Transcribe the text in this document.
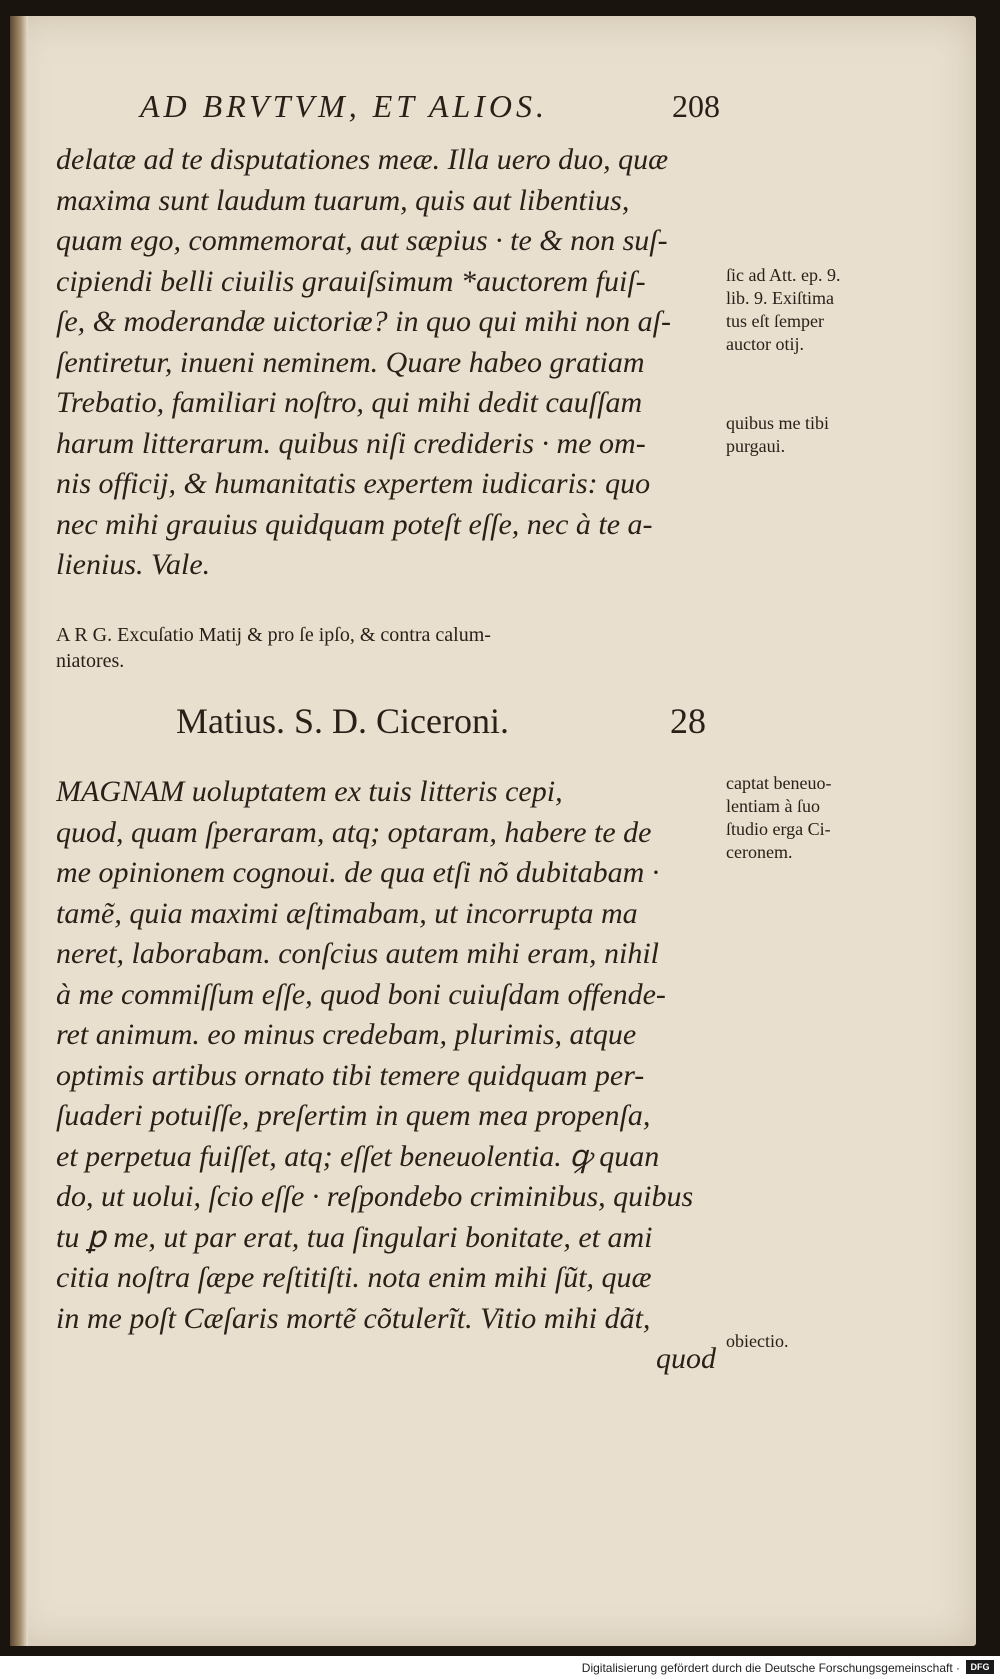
AD BRVTVM, ET ALIOS.	208
delatæ ad te disputationes meæ. Illa uero duo, quæ
maxima sunt laudum tuarum, quis aut libentius,
quam ego, commemorat, aut sæpius · te & non suſ-
cipiendi belli ciuilis grauiſsimum *auctorem fuiſ-
ſe, & moderandæ uictoriæ? in quo qui mihi non aſ-
ſentiretur, inueni neminem. Quare habeo gratiam
Trebatio, familiari noſtro, qui mihi dedit cauſſam
harum litterarum. quibus niſi credideris · me om-
nis officij, & humanitatis expertem iudicaris: quo
nec mihi grauius quidquam poteſt eſſe, nec à te a-
lienius. Vale.
A R G. Excuſatio Matij & pro ſe ipſo, & contra calum-
niatores.
Matius. S. D. Ciceroni.	28
MAGNAM uoluptatem ex tuis litteris cepi,
quod, quam ſperaram, atq; optaram, habere te de
me opinionem cognoui. de qua etſi nõ dubitabam ·
tamẽ, quia maximi æſtimabam, ut incorrupta ma
neret, laborabam. conſcius autem mihi eram, nihil
à me commiſſum eſſe, quod boni cuiuſdam offende-
ret animum. eo minus credebam, plurimis, atque
optimis artibus ornato tibi temere quidquam per-
ſuaderi potuiſſe, preſertim in quem mea propenſa,
et perpetua fuiſſet, atq; eſſet beneuolentia. ꝙ quan
do, ut uolui, ſcio eſſe · reſpondebo criminibus, quibus
tu ꝑ me, ut par erat, tua ſingulari bonitate, et ami
citia noſtra ſæpe reſtitiſti. nota enim mihi ſũt, quæ
in me poſt Cæſaris mortẽ cõtulerĩt. Vitio mihi dãt,
quod
ſic ad Att. ep. 9.
lib. 9. Exiſtima
tus eſt ſemper
auctor otij.
quibus me tibi
purgaui.
captat beneuo-
lentiam à ſuo
ſtudio erga Ci-
ceronem.
obiectio.
Digitalisierung gefördert durch die Deutsche Forschungsgemeinschaft ·	DFG
